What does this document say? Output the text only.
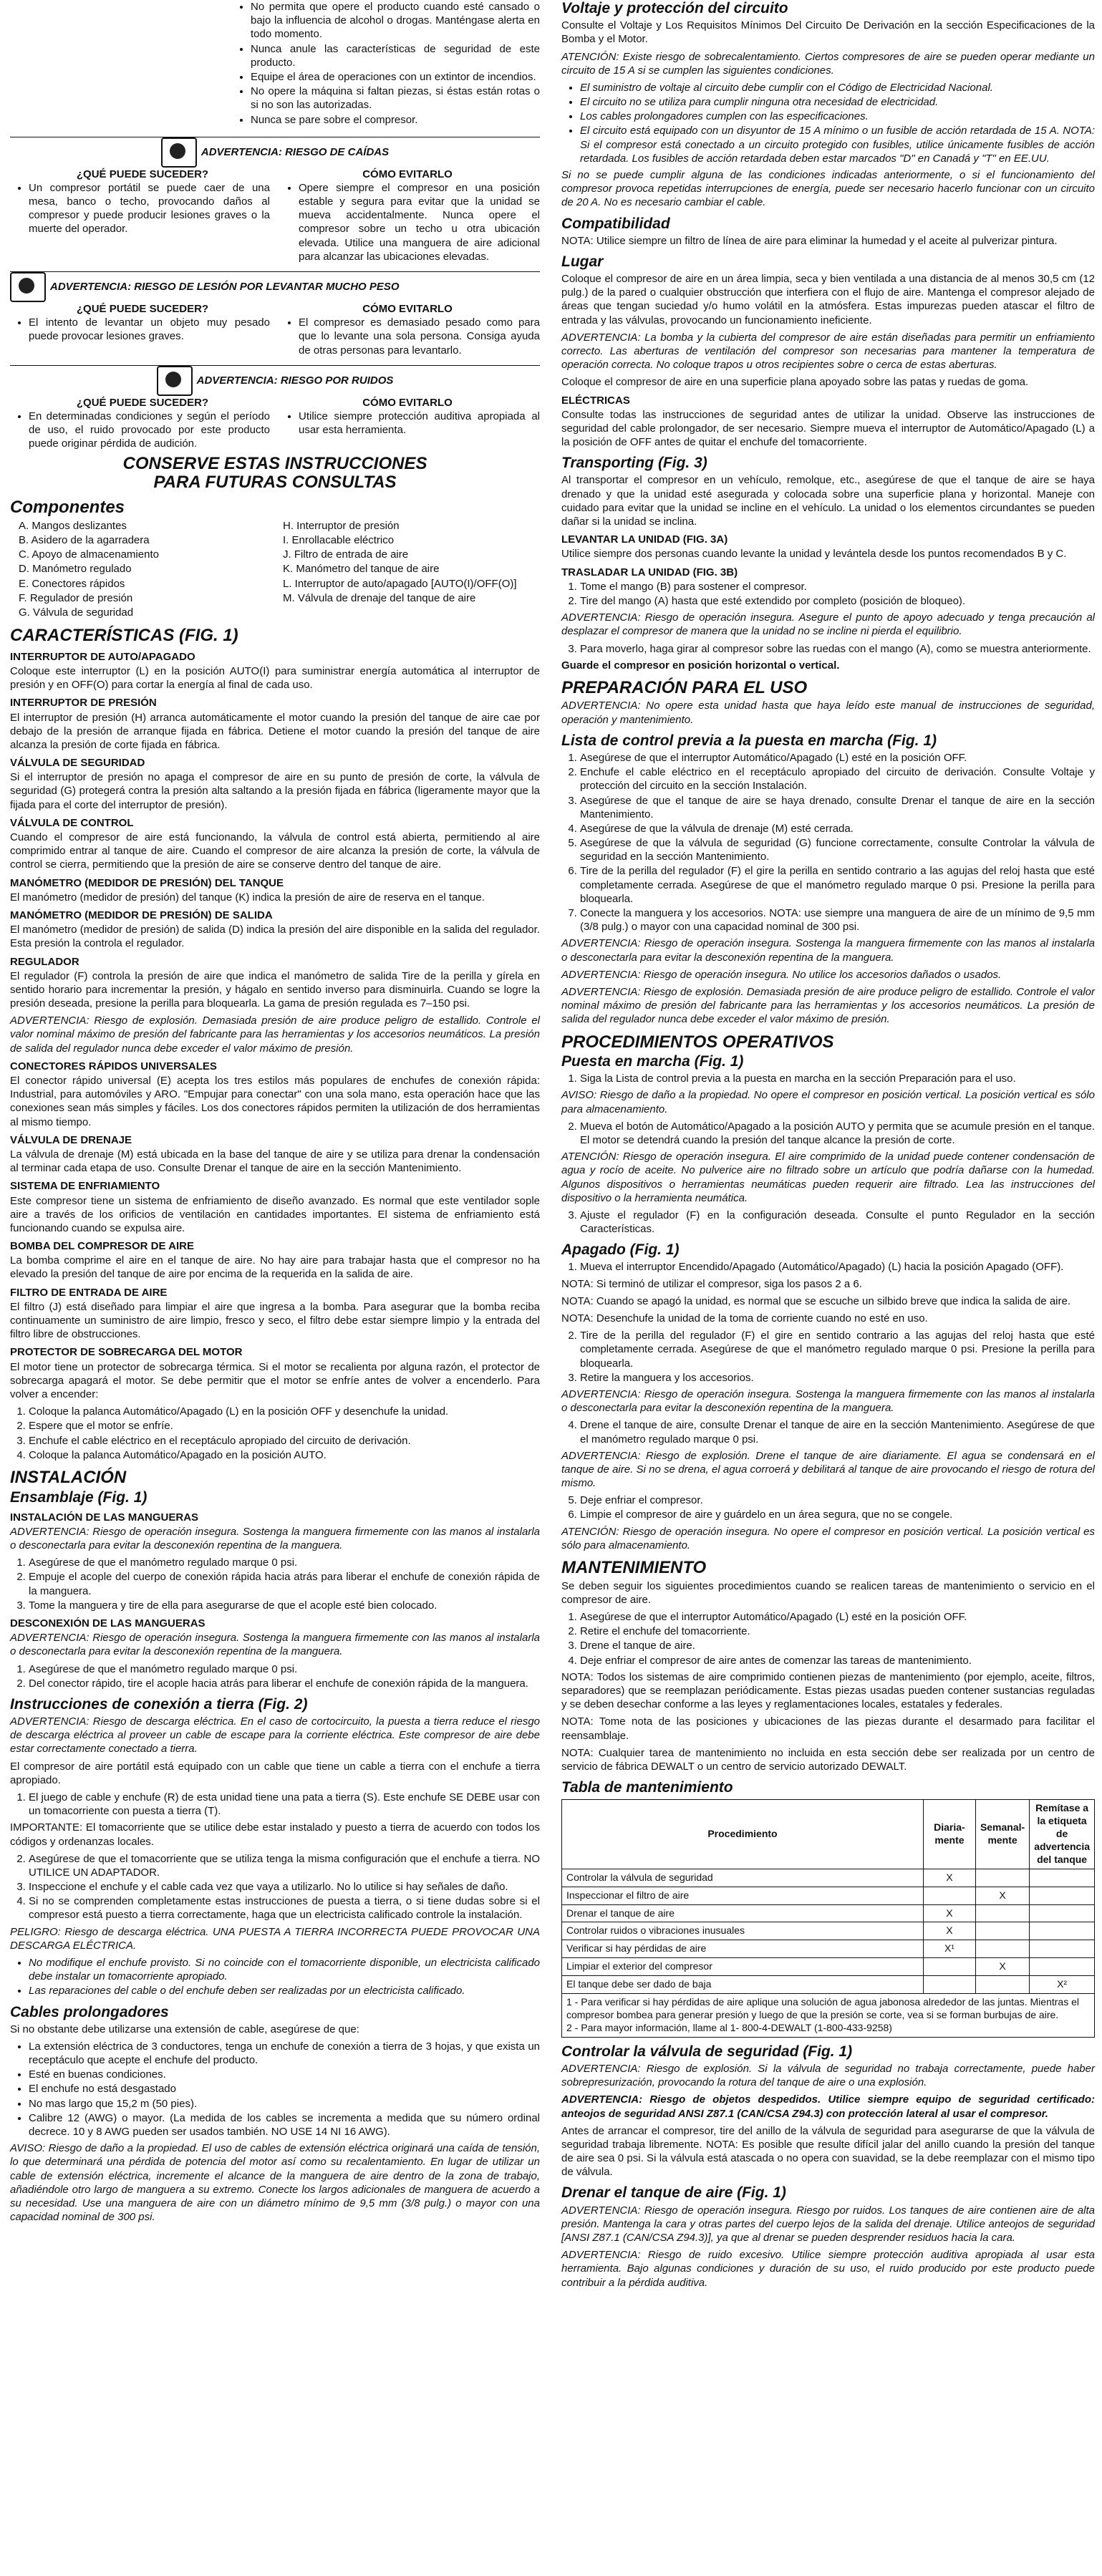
• No permita que opere el producto cuando esté cansado o bajo la influencia de alcohol o drogas. Manténgase alerta en todo momento.
• Nunca anule las características de seguridad de este producto.
• Equipe el área de operaciones con un extintor de incendios.
• No opere la máquina si faltan piezas, si éstas están rotas o si no son las autorizadas.
• Nunca se pare sobre el compresor.
ADVERTENCIA: RIESGO DE CAÍDAS
¿QUÉ PUEDE SUCEDER?	CÓMO EVITARLO
• Un compresor portátil se puede caer de una mesa, banco o techo, provocando daños al compresor y puede producir lesiones graves o la muerte del operador.
• Opere siempre el compresor en una posición estable y segura para evitar que la unidad se mueva accidentalmente. Nunca opere el compresor sobre un techo u otra ubicación elevada. Utilice una manguera de aire adicional para alcanzar las ubicaciones elevadas.
ADVERTENCIA: RIESGO DE LESIÓN POR LEVANTAR MUCHO PESO
¿QUÉ PUEDE SUCEDER?	CÓMO EVITARLO
• El intento de levantar un objeto muy pesado puede provocar lesiones graves.
• El compresor es demasiado pesado como para que lo levante una sola persona. Consiga ayuda de otras personas para levantarlo.
ADVERTENCIA: RIESGO POR RUIDOS
¿QUÉ PUEDE SUCEDER?	CÓMO EVITARLO
• En determinadas condiciones y según el período de uso, el ruido provocado por este producto puede originar pérdida de audición.
• Utilice siempre protección auditiva apropiada al usar esta herramienta.
CONSERVE ESTAS INSTRUCCIONES
PARA FUTURAS CONSULTAS
Componentes
A. Mangos deslizantes	H. Interruptor de presión
B. Asidero de la agarradera	I. Enrollacable eléctrico
C. Apoyo de almacenamiento	J. Filtro de entrada de aire
D. Manómetro regulado	K. Manómetro del tanque de aire
E. Conectores rápidos	L. Interruptor de auto/apagado [AUTO(I)/OFF(O)]
F. Regulador de presión	M. Válvula de drenaje del tanque de aire
G. Válvula de seguridad
CARACTERÍSTICAS (FIG. 1)
INTERRUPTOR DE AUTO/APAGADO

Coloque este interruptor (L) en la posición AUTO(I) para suministrar energía automática al interruptor de presión y en OFF(O) para cortar la energía al final de cada uso.

INTERRUPTOR DE PRESIÓN

El interruptor de presión (H) arranca automáticamente el motor cuando la presión del tanque de aire cae por debajo de la presión de arranque fijada en fábrica. Detiene el motor cuando la presión del tanque de aire alcanza la presión de corte fijada en fábrica.

VÁLVULA DE SEGURIDAD

Si el interruptor de presión no apaga el compresor de aire en su punto de presión de corte, la válvula de seguridad (G) protegerá contra la presión alta saltando a la presión fijada en fábrica (ligeramente mayor que la fijada para el corte del interruptor de presión).

VÁLVULA DE CONTROL

Cuando el compresor de aire está funcionando, la válvula de control está abierta, permitiendo al aire comprimido entrar al tanque de aire. Cuando el compresor de aire alcanza la presión de corte, la válvula de control se cierra, permitiendo que la presión de aire se conserve dentro del tanque de aire.

MANÓMETRO (MEDIDOR DE PRESIÓN) DEL TANQUE

El manómetro (medidor de presión) del tanque (K) indica la presión de aire de reserva en el tanque.

MANÓMETRO (MEDIDOR DE PRESIÓN) DE SALIDA

El manómetro (medidor de presión) de salida (D) indica la presión del aire disponible en la salida del regulador. Esta presión la controla el regulador.

REGULADOR

El regulador (F) controla la presión de aire que indica el manómetro de salida Tire de la perilla y gírela en sentido horario para incrementar la presión, y hágalo en sentido inverso para disminuirla. Cuando se logre la presión deseada, presione la perilla para bloquearla. La gama de presión regulada es 7–150 psi.

ADVERTENCIA: Riesgo de explosión. Demasiada presión de aire produce peligro de estallido. Controle el valor nominal máximo de presión del fabricante para las herramientas y los accesorios neumáticos. La presión de salida del regulador nunca debe exceder el valor máximo de presión.

CONECTORES RÁPIDOS UNIVERSALES

El conector rápido universal (E) acepta los tres estilos más populares de enchufes de conexión rápida: Industrial, para automóviles y ARO. "Empujar para conectar" con una sola mano, esta operación hace que las conexiones sean más simples y fáciles. Los dos conectores rápidos permiten la utilización de dos herramientas al mismo tiempo.

VÁLVULA DE DRENAJE

La válvula de drenaje (M) está ubicada en la base del tanque de aire y se utiliza para drenar la condensación al terminar cada etapa de uso. Consulte Drenar el tanque de aire en la sección Mantenimiento.

SISTEMA DE ENFRIAMIENTO

Este compresor tiene un sistema de enfriamiento de diseño avanzado. Es normal que este ventilador sople aire a través de los orificios de ventilación en cantidades importantes. El sistema de enfriamiento está funcionando cuando se expulsa aire.

BOMBA DEL COMPRESOR DE AIRE

La bomba comprime el aire en el tanque de aire. No hay aire para trabajar hasta que el compresor no ha elevado la presión del tanque de aire por encima de la requerida en la salida de aire.

FILTRO DE ENTRADA DE AIRE

El filtro (J) está diseñado para limpiar el aire que ingresa a la bomba. Para asegurar que la bomba reciba continuamente un suministro de aire limpio, fresco y seco, el filtro debe estar siempre limpio y la entrada del filtro libre de obstrucciones.

PROTECTOR DE SOBRECARGA DEL MOTOR

El motor tiene un protector de sobrecarga térmica. Si el motor se recalienta por alguna razón, el protector de sobrecarga apagará el motor. Se debe permitir que el motor se enfríe antes de volver a encenderlo. Para volver a encender:

1. Coloque la palanca Automático/Apagado (L) en la posición OFF y desenchufe la unidad.
2. Espere que el motor se enfríe.
3. Enchufe el cable eléctrico en el receptáculo apropiado del circuito de derivación.
4. Coloque la palanca Automático/Apagado en la posición AUTO.
INSTALACIÓN
Ensamblaje (Fig. 1)
INSTALACIÓN DE LAS MANGUERAS

ADVERTENCIA: Riesgo de operación insegura. Sostenga la manguera firmemente con las manos al instalarla o desconectarla para evitar la desconexión repentina de la manguera.

1. Asegúrese de que el manómetro regulado marque 0 psi.
2. Empuje el acople del cuerpo de conexión rápida hacia atrás para liberar el enchufe de conexión rápida de la manguera.
3. Tome la manguera y tire de ella para asegurarse de que el acople esté bien colocado.
DESCONEXIÓN DE LAS MANGUERAS

ADVERTENCIA: Riesgo de operación insegura. Sostenga la manguera firmemente con las manos al instalarla o desconectarla para evitar la desconexión repentina de la manguera.

1. Asegúrese de que el manómetro regulado marque 0 psi.
2. Del conector rápido, tire el acople hacia atrás para liberar el enchufe de conexión rápida de la manguera.
Instrucciones de conexión a tierra (Fig. 2)

ADVERTENCIA: Riesgo de descarga eléctrica. En el caso de cortocircuito, la puesta a tierra reduce el riesgo de descarga eléctrica al proveer un cable de escape para la corriente eléctrica. Este compresor de aire debe estar correctamente conectado a tierra.

El compresor de aire portátil está equipado con un cable que tiene un cable a tierra con el enchufe a tierra apropiado.

1. El juego de cable y enchufe (R) de esta unidad tiene una pata a tierra (S). Este enchufe SE DEBE usar con un tomacorriente con puesta a tierra (T).

IMPORTANTE: El tomacorriente que se utilice debe estar instalado y puesto a tierra de acuerdo con todos los códigos y ordenanzas locales.

2. Asegúrese de que el tomacorriente que se utiliza tenga la misma configuración que el enchufe a tierra. NO UTILICE UN ADAPTADOR.
3. Inspeccione el enchufe y el cable cada vez que vaya a utilizarlo. No lo utilice si hay señales de daño.
4. Si no se comprenden completamente estas instrucciones de puesta a tierra, o si tiene dudas sobre si el compresor está puesto a tierra correctamente, haga que un electricista calificado controle la instalación.

PELIGRO: Riesgo de descarga eléctrica. UNA PUESTA A TIERRA INCORRECTA PUEDE PROVOCAR UNA DESCARGA ELÉCTRICA.

• No modifique el enchufe provisto. Si no coincide con el tomacorriente disponible, un electricista calificado debe instalar un tomacorriente apropiado.
• Las reparaciones del cable o del enchufe deben ser realizadas por un electricista calificado.
Cables prolongadores

Si no obstante debe utilizarse una extensión de cable, asegúrese de que:

• La extensión eléctrica de 3 conductores, tenga un enchufe de conexión a tierra de 3 hojas, y que exista un receptáculo que acepte el enchufe del producto.
• Esté en buenas condiciones.
• El enchufe no está desgastado
• No mas largo que 15,2 m (50 pies).
• Calibre 12 (AWG) o mayor. (La medida de los cables se incrementa a medida que su número ordinal decrece. 10 y 8 AWG pueden ser usados también. NO USE 14 NI 16 AWG).

AVISO: Riesgo de daño a la propiedad. El uso de cables de extensión eléctrica originará una caída de tensión, lo que determinará una pérdida de potencia del motor así como su recalentamiento. En lugar de utilizar un cable de extensión eléctrica, incremente el alcance de la manguera de aire dentro de la zona de trabajo, añadiéndole otro largo de manguera a su extremo. Conecte los largos adicionales de manguera de acuerdo a su necesidad. Use una manguera de aire con un diámetro mínimo de 9,5 mm (3/8 pulg.) o mayor con una capacidad nominal de 300 psi.

Voltaje y protección del circuito

Consulte el Voltaje y Los Requisitos Mínimos Del Circuito De Derivación en la sección Especificaciones de la Bomba y el Motor.

ATENCIÓN: Existe riesgo de sobrecalentamiento. Ciertos compresores de aire se pueden operar mediante un circuito de 15 A si se cumplen las siguientes condiciones.

• El suministro de voltaje al circuito debe cumplir con el Código de Electricidad Nacional.
• El circuito no se utiliza para cumplir ninguna otra necesidad de electricidad.
• Los cables prolongadores cumplen con las especificaciones.
• El circuito está equipado con un disyuntor de 15 A mínimo o un fusible de acción retardada de 15 A. NOTA: Si el compresor está conectado a un circuito protegido con fusibles, utilice únicamente fusibles de acción retardada. Los fusibles de acción retardada deben estar marcados "D" en Canadá y "T" en EE.UU.

Si no se puede cumplir alguna de las condiciones indicadas anteriormente, o si el funcionamiento del compresor provoca repetidas interrupciones de energía, puede ser necesario hacerlo funcionar con un circuito de 20 A. No es necesario cambiar el cable.

Compatibilidad

NOTA: Utilice siempre un filtro de línea de aire para eliminar la humedad y el aceite al pulverizar pintura.

Lugar

Coloque el compresor de aire en un área limpia, seca y bien ventilada a una distancia de al menos 30,5 cm (12 pulg.) de la pared o cualquier obstrucción que interfiera con el flujo de aire. Mantenga el compresor alejado de áreas que tengan suciedad y/o humo volátil en la atmósfera. Estas impurezas pueden atascar el filtro de entrada y las válvulas, provocando un funcionamiento ineficiente.

ADVERTENCIA: La bomba y la cubierta del compresor de aire están diseñadas para permitir un enfriamiento correcto. Las aberturas de ventilación del compresor son necesarias para mantener la temperatura de operación correcta. No coloque trapos u otros recipientes sobre o cerca de estas aberturas.

Coloque el compresor de aire en una superficie plana apoyado sobre las patas y ruedas de goma.

ELÉCTRICAS

Consulte todas las instrucciones de seguridad antes de utilizar la unidad. Observe las instrucciones de seguridad del cable prolongador, de ser necesario. Siempre mueva el interruptor de Automático/Apagado (L) a la posición de OFF antes de quitar el enchufe del tomacorriente.

Transporting (Fig. 3)

Al transportar el compresor en un vehículo, remolque, etc., asegúrese de que el tanque de aire se haya drenado y que la unidad esté asegurada y colocada sobre una superficie plana y horizontal. Maneje con cuidado para evitar que la unidad se incline en el vehículo. La unidad o los elementos circundantes se pueden dañar si la unidad se inclina.

LEVANTAR LA UNIDAD (FIG. 3A)

Utilice siempre dos personas cuando levante la unidad y levántela desde los puntos recomendados B y C.

TRASLADAR LA UNIDAD (FIG. 3B)
1. Tome el mango (B) para sostener el compresor.
2. Tire del mango (A) hasta que esté extendido por completo (posición de bloqueo).

ADVERTENCIA: Riesgo de operación insegura. Asegure el punto de apoyo adecuado y tenga precaución al desplazar el compresor de manera que la unidad no se incline ni pierda el equilibrio.

3. Para moverlo, haga girar al compresor sobre las ruedas con el mango (A), como se muestra anteriormente.

Guarde el compresor en posición horizontal o vertical.

PREPARACIÓN PARA EL USO

ADVERTENCIA: No opere esta unidad hasta que haya leído este manual de instrucciones de seguridad, operación y mantenimiento.

Lista de control previa a la puesta en marcha (Fig. 1)
1. Asegúrese de que el interruptor Automático/Apagado (L) esté en la posición OFF.
2. Enchufe el cable eléctrico en el receptáculo apropiado del circuito de derivación. Consulte Voltaje y protección del circuito en la sección Instalación.
3. Asegúrese de que el tanque de aire se haya drenado, consulte Drenar el tanque de aire en la sección Mantenimiento.
4. Asegúrese de que la válvula de drenaje (M) esté cerrada.
5. Asegúrese de que la válvula de seguridad (G) funcione correctamente, consulte Controlar la válvula de seguridad en la sección Mantenimiento.
6. Tire de la perilla del regulador (F) el gire la perilla en sentido contrario a las agujas del reloj hasta que esté completamente cerrada. Asegúrese de que el manómetro regulado marque 0 psi. Presione la perilla para bloquearla.
7. Conecte la manguera y los accesorios. NOTA: use siempre una manguera de aire de un mínimo de 9,5 mm (3/8 pulg.) o mayor con una capacidad nominal de 300 psi.

ADVERTENCIA: Riesgo de operación insegura. Sostenga la manguera firmemente con las manos al instalarla o desconectarla para evitar la desconexión repentina de la manguera.

ADVERTENCIA: Riesgo de operación insegura. No utilice los accesorios dañados o usados.

ADVERTENCIA: Riesgo de explosión. Demasiada presión de aire produce peligro de estallido. Controle el valor nominal máximo de presión del fabricante para las herramientas y los accesorios neumáticos. La presión de salida del regulador nunca debe exceder el valor máximo de presión.

PROCEDIMIENTOS OPERATIVOS
Puesta en marcha (Fig. 1)
1. Siga la Lista de control previa a la puesta en marcha en la sección Preparación para el uso.

AVISO: Riesgo de daño a la propiedad. No opere el compresor en posición vertical. La posición vertical es sólo para almacenamiento.

2. Mueva el botón de Automático/Apagado a la posición AUTO y permita que se acumule presión en el tanque. El motor se detendrá cuando la presión del tanque alcance la presión de corte.

ATENCIÓN: Riesgo de operación insegura. El aire comprimido de la unidad puede contener condensación de agua y rocío de aceite. No pulverice aire no filtrado sobre un artículo que podría dañarse con la humedad. Algunos dispositivos o herramientas neumáticas pueden requerir aire filtrado. Lea las instrucciones del dispositivo o la herramienta neumática.

3. Ajuste el regulador (F) en la configuración deseada. Consulte el punto Regulador en la sección Características.
Apagado (Fig. 1)
1. Mueva el interruptor Encendido/Apagado (Automático/Apagado) (L) hacia la posición Apagado (OFF).

NOTA: Si terminó de utilizar el compresor, siga los pasos 2 a 6.

NOTA: Cuando se apagó la unidad, es normal que se escuche un silbido breve que indica la salida de aire.

NOTA: Desenchufe la unidad de la toma de corriente cuando no esté en uso.

2. Tire de la perilla del regulador (F) el gire en sentido contrario a las agujas del reloj hasta que esté completamente cerrada. Asegúrese de que el manómetro regulado marque 0 psi. Presione la perilla para bloquearla.
3. Retire la manguera y los accesorios.

ADVERTENCIA: Riesgo de operación insegura. Sostenga la manguera firmemente con las manos al instalarla o desconectarla para evitar la desconexión repentina de la manguera.

4. Drene el tanque de aire, consulte Drenar el tanque de aire en la sección Mantenimiento. Asegúrese de que el manómetro regulado marque 0 psi.

ADVERTENCIA: Riesgo de explosión. Drene el tanque de aire diariamente. El agua se condensará en el tanque de aire. Si no se drena, el agua corroerá y debilitará al tanque de aire provocando el riesgo de rotura del mismo.

5. Deje enfriar el compresor.
6. Limpie el compresor de aire y guárdelo en un área segura, que no se congele.

ATENCIÓN: Riesgo de operación insegura. No opere el compresor en posición vertical. La posición vertical es sólo para almacenamiento.

MANTENIMIENTO

Se deben seguir los siguientes procedimientos cuando se realicen tareas de mantenimiento o servicio en el compresor de aire.

1. Asegúrese de que el interruptor Automático/Apagado (L) esté en la posición OFF.
2. Retire el enchufe del tomacorriente.
3. Drene el tanque de aire.
4. Deje enfriar el compresor de aire antes de comenzar las tareas de mantenimiento.

NOTA: Todos los sistemas de aire comprimido contienen piezas de mantenimiento (por ejemplo, aceite, filtros, separadores) que se reemplazan periódicamente. Estas piezas usadas pueden contener sustancias reguladas y se deben desechar conforme a las leyes y reglamentaciones locales, estatales y federales.

NOTA: Tome nota de las posiciones y ubicaciones de las piezas durante el desarmado para facilitar el reensamblaje.

NOTA: Cualquier tarea de mantenimiento no incluida en esta sección debe ser realizada por un centro de servicio de fábrica DEWALT o un centro de servicio autorizado DEWALT.

Tabla de mantenimiento
Procedimiento	Diaria-mente	Semanal-mente	Remítase a la etiqueta de advertencia del tanque
Controlar la válvula de seguridad	X		
Inspeccionar el filtro de aire		X	
Drenar el tanque de aire	X		
Controlar ruidos o vibraciones inusuales	X		
Verificar si hay pérdidas de aire	X¹		
Limpiar el exterior del compresor		X	
El tanque debe ser dado de baja			X²

1 - Para verificar si hay pérdidas de aire aplique una solución de agua jabonosa alrededor de las juntas. Mientras el compresor bombea para generar presión y luego de que la presión se corte, vea si se forman burbujas de aire.
2 - Para mayor información, llame al 1- 800-4-DEWALT (1-800-433-9258)			
Controlar la válvula de seguridad (Fig. 1)

ADVERTENCIA: Riesgo de explosión. Si la válvula de seguridad no trabaja correctamente, puede haber sobrepresurización, provocando la rotura del tanque de aire o una explosión.

ADVERTENCIA: Riesgo de objetos despedidos. Utilice siempre equipo de seguridad certificado: anteojos de seguridad ANSI Z87.1 (CAN/CSA Z94.3) con protección lateral al usar el compresor.

Antes de arrancar el compresor, tire del anillo de la válvula de seguridad para asegurarse de que la válvula de seguridad trabaja libremente. NOTA: Es posible que resulte difícil jalar del anillo cuando la presión del tanque de aire sea 0 psi. Si la válvula está atascada o no opera con suavidad, se la debe reemplazar con el mismo tipo de válvula.

Drenar el tanque de aire (Fig. 1)

ADVERTENCIA: Riesgo de operación insegura. Riesgo por ruidos. Los tanques de aire contienen aire de alta presión. Mantenga la cara y otras partes del cuerpo lejos de la salida del drenaje. Utilice anteojos de seguridad [ANSI Z87.1 (CAN/CSA Z94.3)], ya que al drenar se pueden desprender residuos hacia la cara.

ADVERTENCIA: Riesgo de ruido excesivo. Utilice siempre protección auditiva apropiada al usar esta herramienta. Bajo algunas condiciones y duración de su uso, el ruido producido por este producto puede contribuir a la pérdida auditiva.
